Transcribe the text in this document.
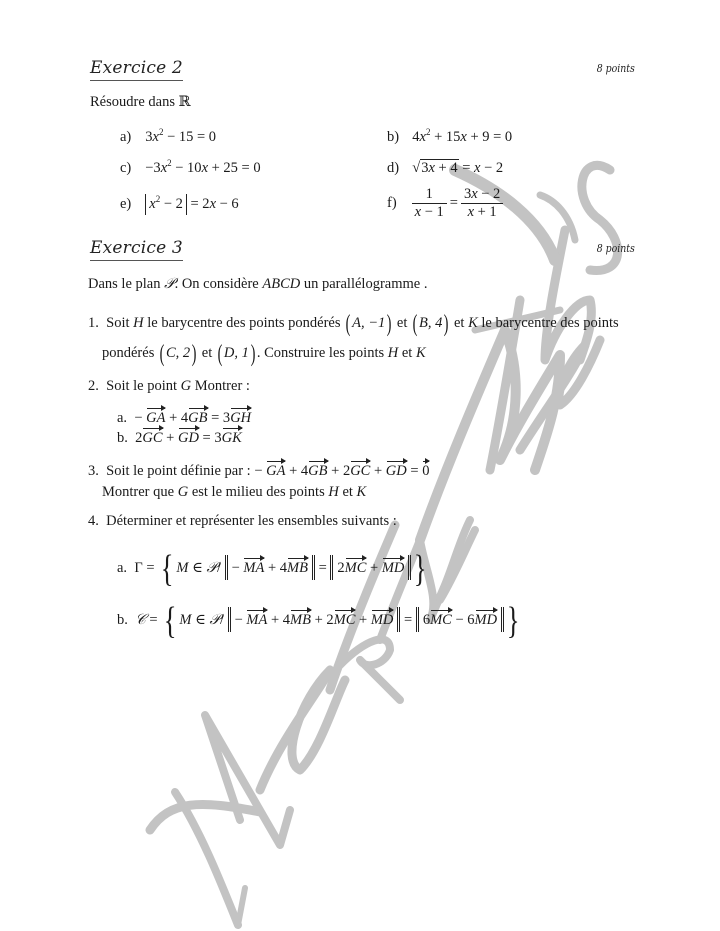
Exercice 2	8 points
Résoudre dans ℝ
a)  $3x^2 - 15 = 0$	b)  $4x^2 + 15x + 9 = 0$
$c) -3x^2 - 10x + 25 = 0$	d)  √3x + 4 = x − 2
e) $x^2 - 2 = 2x - 6$	$f) \frac{1}{x - 1} = \frac{3x - 2}{x + 1}$
Exercice 3	8 points
Dans le plan 𝒫. On considère ABCD un parallélogramme .
1. Soit H le barycentre des points pondérés ( A, −1) et ( B, 4) et K le barycentre des points
pondérés ( C, 2) et ( D, 1) . Construire les points H et K
2. Soit le point G Montrer :
a.  − GA + 4GB = 3GH
b.  2GC + GD = 3GK
3. Soit le point définie par : − GA + 4GB + 2GC + GD = 0
Montrer que G est le milieu des points H et K
4. Déterminer et représenter les ensembles suivants :
a. Γ = { M ∈ 𝒫/ − MA + 4MB = 2MC + MD }
b. 𝒞 = { M ∈ 𝒫/ − MA + 4MB + 2MC + MD = 6MC − 6MD }
